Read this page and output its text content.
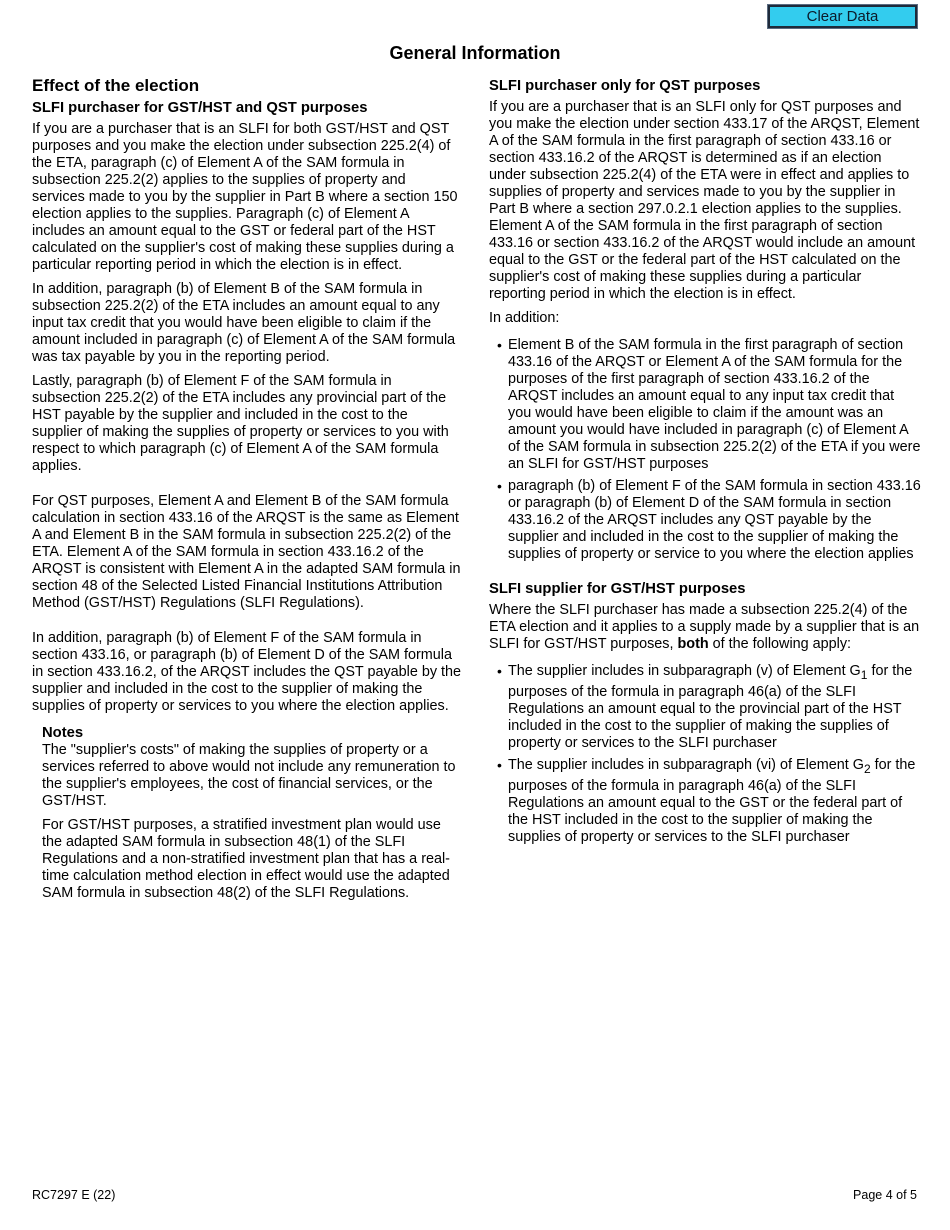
Clear Data
General Information
Effect of the election
SLFI purchaser for GST/HST and QST purposes
If you are a purchaser that is an SLFI for both GST/HST and QST purposes and you make the election under subsection 225.2(4) of the ETA, paragraph (c) of Element A of the SAM formula in subsection 225.2(2) applies to the supplies of property and services made to you by the supplier in Part B where a section 150 election applies to the supplies. Paragraph (c) of Element A includes an amount equal to the GST or federal part of the HST calculated on the supplier's cost of making these supplies during a particular reporting period in which the election is in effect.
In addition, paragraph (b) of Element B of the SAM formula in subsection 225.2(2) of the ETA includes an amount equal to any input tax credit that you would have been eligible to claim if the amount included in paragraph (c) of Element A of the SAM formula was tax payable by you in the reporting period.
Lastly, paragraph (b) of Element F of the SAM formula in subsection 225.2(2) of the ETA includes any provincial part of the HST payable by the supplier and included in the cost to the supplier of making the supplies of property or services to you with respect to which paragraph (c) of Element A of the SAM formula applies.
For QST purposes, Element A and Element B of the SAM formula calculation in section 433.16 of the ARQST is the same as Element A and Element B in the SAM formula in subsection 225.2(2) of the ETA. Element A of the SAM formula in section 433.16.2 of the ARQST is consistent with Element A in the adapted SAM formula in section 48 of the Selected Listed Financial Institutions Attribution Method (GST/HST) Regulations (SLFI Regulations).
In addition, paragraph (b) of Element F of the SAM formula in section 433.16, or paragraph (b) of Element D of the SAM formula in section 433.16.2, of the ARQST includes the QST payable by the supplier and included in the cost to the supplier of making the supplies of property or services to you where the election applies.
Notes
The "supplier's costs" of making the supplies of property or a services referred to above would not include any remuneration to the supplier's employees, the cost of financial services, or the GST/HST.
For GST/HST purposes, a stratified investment plan would use the adapted SAM formula in subsection 48(1) of the SLFI Regulations and a non-stratified investment plan that has a real-time calculation method election in effect would use the adapted SAM formula in subsection 48(2) of the SLFI Regulations.
SLFI purchaser only for QST purposes
If you are a purchaser that is an SLFI only for QST purposes and you make the election under section 433.17 of the ARQST, Element A of the SAM formula in the first paragraph of section 433.16 or section 433.16.2 of the ARQST is determined as if an election under subsection 225.2(4) of the ETA were in effect and applies to supplies of property and services made to you by the supplier in Part B where a section 297.0.2.1 election applies to the supplies. Element A of the SAM formula in the first paragraph of section 433.16 or section 433.16.2 of the ARQST would include an amount equal to the GST or the federal part of the HST calculated on the supplier's cost of making these supplies during a particular reporting period in which the election is in effect.
In addition:
• Element B of the SAM formula in the first paragraph of section 433.16 of the ARQST or Element A of the SAM formula for the purposes of the first paragraph of section 433.16.2 of the ARQST includes an amount equal to any input tax credit that you would have been eligible to claim if the amount was an amount you would have included in paragraph (c) of Element A of the SAM formula in subsection 225.2(2) of the ETA if you were an SLFI for GST/HST purposes
• paragraph (b) of Element F of the SAM formula in section 433.16 or paragraph (b) of Element D of the SAM formula in section 433.16.2 of the ARQST includes any QST payable by the supplier and included in the cost to the supplier of making the supplies of property or service to you where the election applies
SLFI supplier for GST/HST purposes
Where the SLFI purchaser has made a subsection 225.2(4) of the ETA election and it applies to a supply made by a supplier that is an SLFI for GST/HST purposes, both of the following apply:
• The supplier includes in subparagraph (v) of Element $G_1$ for the purposes of the formula in paragraph 46(a) of the SLFI Regulations an amount equal to the provincial part of the HST included in the cost to the supplier of making the supplies of property or services to the SLFI purchaser
• The supplier includes in subparagraph (vi) of Element $G_2$ for the purposes of the formula in paragraph 46(a) of the SLFI Regulations an amount equal to the GST or the federal part of the HST included in the cost to the supplier of making the supplies of property or services to the SLFI purchaser
RC7297 E (22)	Page 4 of 5
